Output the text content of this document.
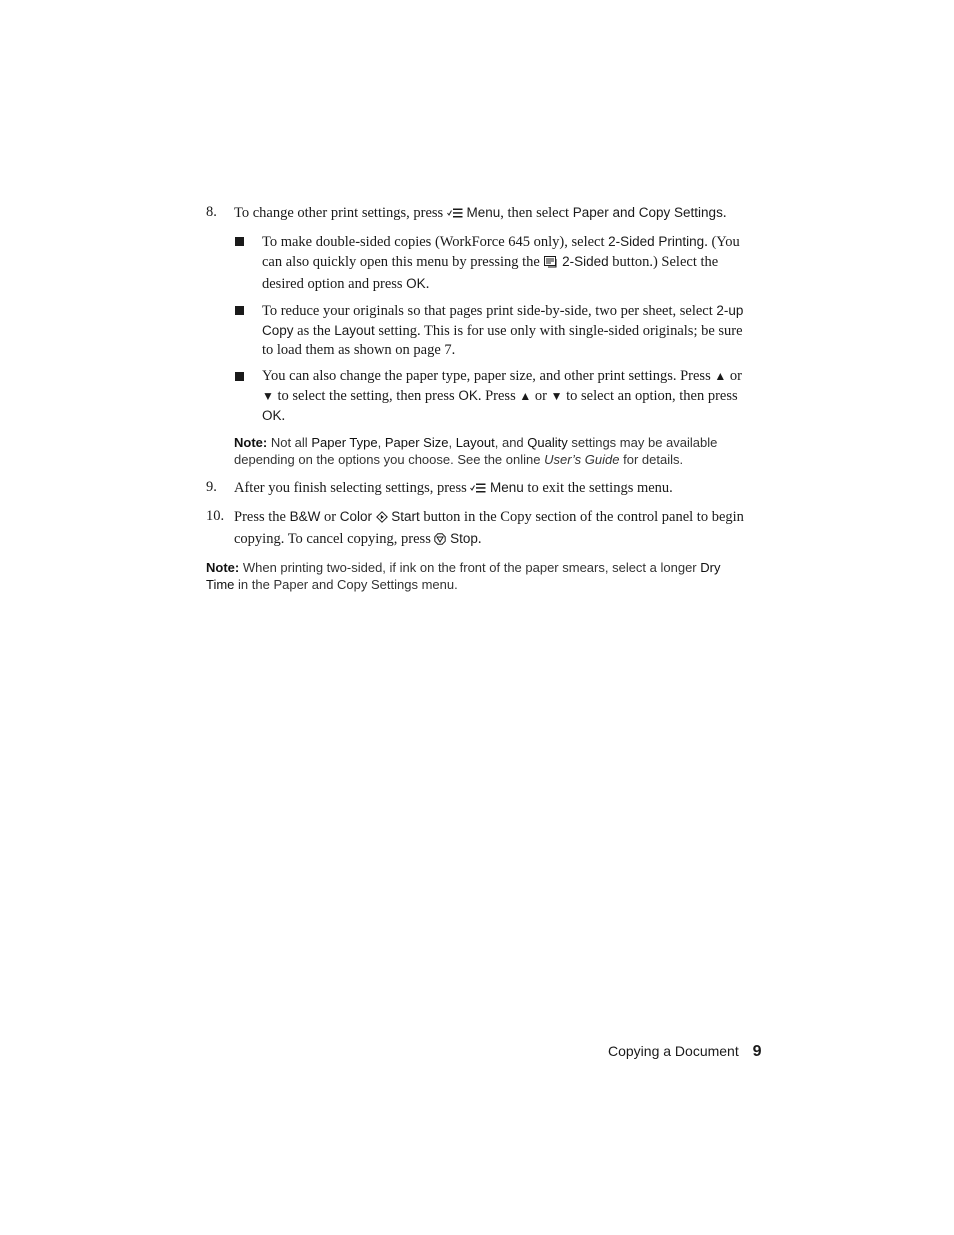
8. To change other print settings, press Menu, then select Paper and Copy Settings.
To make double-sided copies (WorkForce 645 only), select 2-Sided Printing. (You can also quickly open this menu by pressing the 2-Sided button.) Select the desired option and press OK.
To reduce your originals so that pages print side-by-side, two per sheet, select 2-up Copy as the Layout setting. This is for use only with single-sided originals; be sure to load them as shown on page 7.
You can also change the paper type, paper size, and other print settings. Press ▲ or ▼ to select the setting, then press OK. Press ▲ or ▼ to select an option, then press OK.
Note: Not all Paper Type, Paper Size, Layout, and Quality settings may be available depending on the options you choose. See the online User’s Guide for details.
9. After you finish selecting settings, press Menu to exit the settings menu.
10. Press the B&W or Color Start button in the Copy section of the control panel to begin copying. To cancel copying, press Stop.
Note: When printing two-sided, if ink on the front of the paper smears, select a longer Dry Time in the Paper and Copy Settings menu.
Copying a Document 9
